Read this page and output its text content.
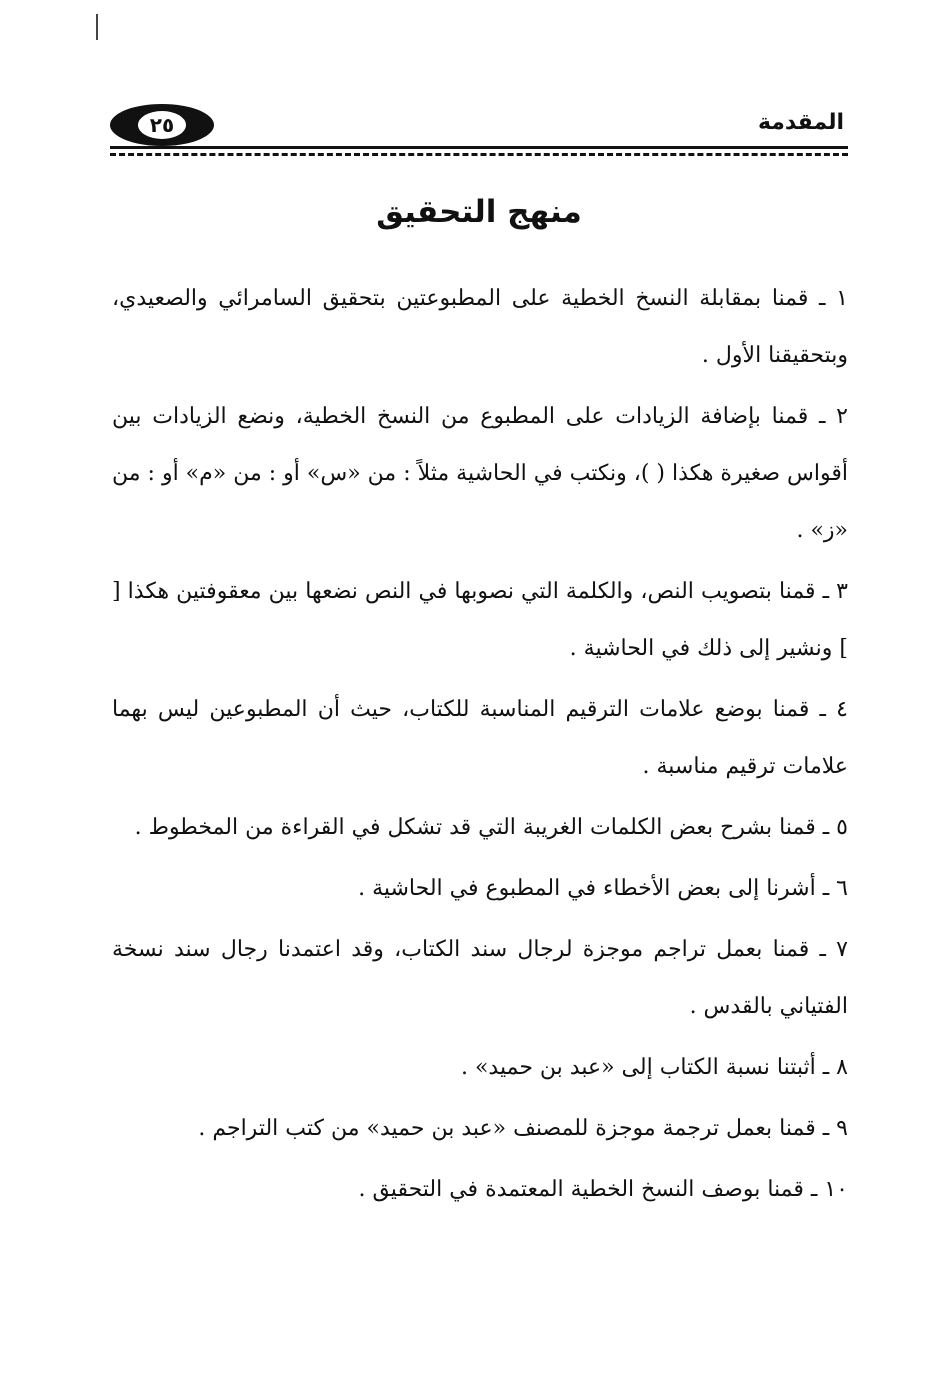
٢٥	المقدمة
منهج التحقيق

١ ـ قمنا بمقابلة النسخ الخطية على المطبوعتين بتحقيق السامرائي والصعيدي، وبتحقيقنا الأول .

٢ ـ قمنا بإضافة الزيادات على المطبوع من النسخ الخطية، ونضع الزيادات بين أقواس صغيرة هكذا ( )، ونكتب في الحاشية مثلاً : من «س» أو : من «م» أو : من «ز» .

٣ ـ قمنا بتصويب النص، والكلمة التي نصوبها في النص نضعها بين معقوفتين هكذا [ ] ونشير إلى ذلك في الحاشية .

٤ ـ قمنا بوضع علامات الترقيم المناسبة للكتاب، حيث أن المطبوعين ليس بهما علامات ترقيم مناسبة .

٥ ـ قمنا بشرح بعض الكلمات الغريبة التي قد تشكل في القراءة من المخطوط .

٦ ـ أشرنا إلى بعض الأخطاء في المطبوع في الحاشية .

٧ ـ قمنا بعمل تراجم موجزة لرجال سند الكتاب، وقد اعتمدنا رجال سند نسخة الفتياني بالقدس .

٨ ـ أثبتنا نسبة الكتاب إلى «عبد بن حميد» .

٩ ـ قمنا بعمل ترجمة موجزة للمصنف «عبد بن حميد» من كتب التراجم .

١٠ ـ قمنا بوصف النسخ الخطية المعتمدة في التحقيق .
